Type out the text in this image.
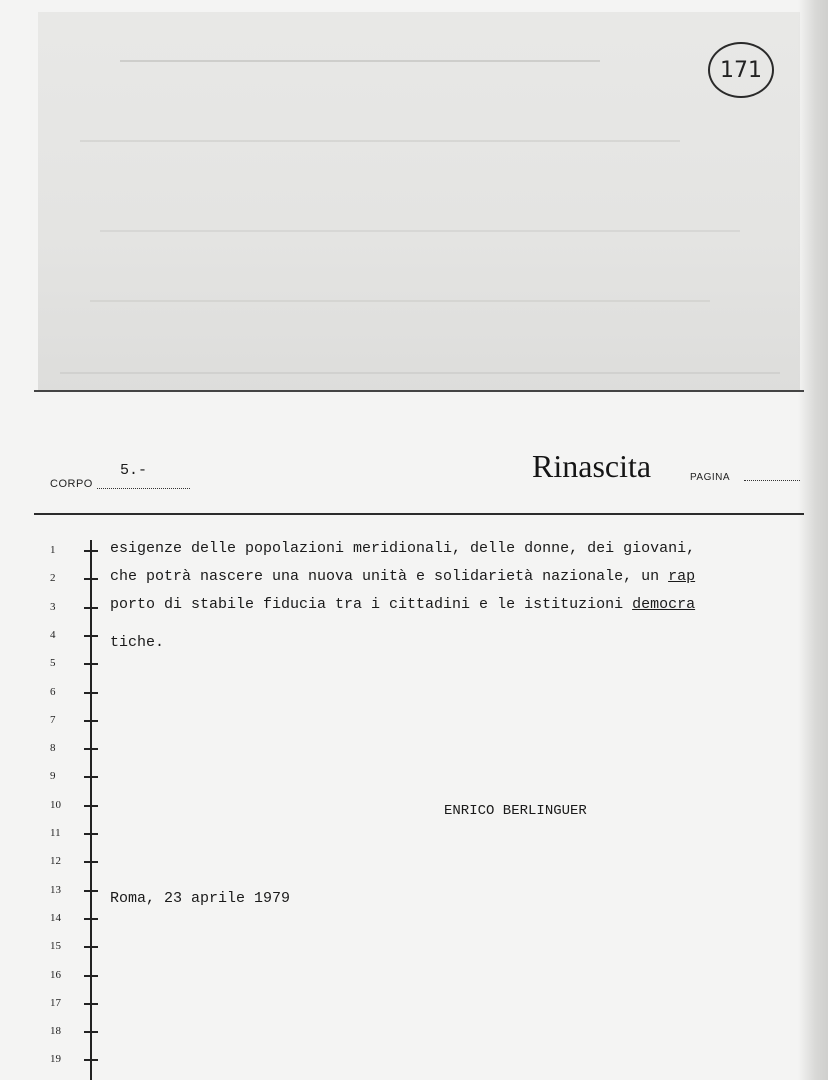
171
CORPO
5.-	Rinascita	PAGINA
1
2
3
4
5
6
7
8
9
10
11
12
13
14
15
16
17
18
19
esigenze delle popolazioni meridionali, delle donne, dei giovani,
che potrà nascere una nuova unità e solidarietà nazionale, un rap
porto di stabile fiducia tra i cittadini e le istituzioni democra
tiche.
ENRICO BERLINGUER
Roma, 23 aprile 1979
